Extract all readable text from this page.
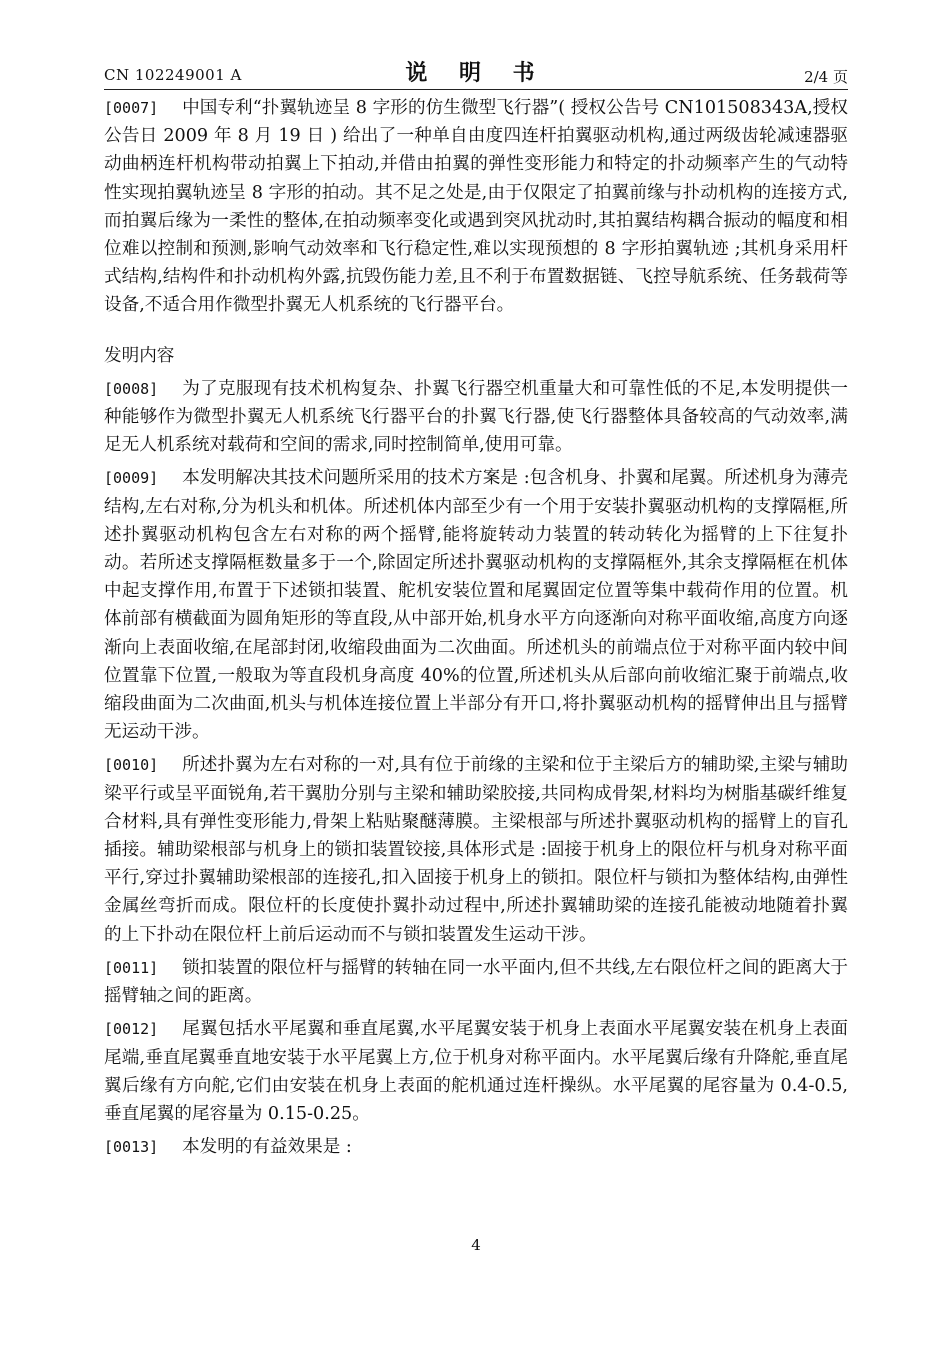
CN 102249001 A	说 明 书	2/4 页

[0007] 中国专利“扑翼轨迹呈 8 字形的仿生微型飞行器”( 授权公告号 CN101508343A,授权公告日 2009 年 8 月 19 日 ) 给出了一种单自由度四连杆拍翼驱动机构,通过两级齿轮减速器驱动曲柄连杆机构带动拍翼上下拍动,并借由拍翼的弹性变形能力和特定的扑动频率产生的气动特性实现拍翼轨迹呈 8 字形的拍动。其不足之处是,由于仅限定了拍翼前缘与扑动机构的连接方式,而拍翼后缘为一柔性的整体,在拍动频率变化或遇到突风扰动时,其拍翼结构耦合振动的幅度和相位难以控制和预测,影响气动效率和飞行稳定性,难以实现预想的 8 字形拍翼轨迹 ;其机身采用杆式结构,结构件和扑动机构外露,抗毁伤能力差,且不利于布置数据链、飞控导航系统、任务载荷等设备,不适合用作微型扑翼无人机系统的飞行器平台。

发明内容

[0008] 为了克服现有技术机构复杂、扑翼飞行器空机重量大和可靠性低的不足,本发明提供一种能够作为微型扑翼无人机系统飞行器平台的扑翼飞行器,使飞行器整体具备较高的气动效率,满足无人机系统对载荷和空间的需求,同时控制简单,使用可靠。

[0009] 本发明解决其技术问题所采用的技术方案是 :包含机身、扑翼和尾翼。所述机身为薄壳结构,左右对称,分为机头和机体。所述机体内部至少有一个用于安装扑翼驱动机构的支撑隔框,所述扑翼驱动机构包含左右对称的两个摇臂,能将旋转动力装置的转动转化为摇臂的上下往复扑动。若所述支撑隔框数量多于一个,除固定所述扑翼驱动机构的支撑隔框外,其余支撑隔框在机体中起支撑作用,布置于下述锁扣装置、舵机安装位置和尾翼固定位置等集中载荷作用的位置。机体前部有横截面为圆角矩形的等直段,从中部开始,机身水平方向逐渐向对称平面收缩,高度方向逐渐向上表面收缩,在尾部封闭,收缩段曲面为二次曲面。所述机头的前端点位于对称平面内较中间位置靠下位置,一般取为等直段机身高度 40%的位置,所述机头从后部向前收缩汇聚于前端点,收缩段曲面为二次曲面,机头与机体连接位置上半部分有开口,将扑翼驱动机构的摇臂伸出且与摇臂无运动干涉。

[0010] 所述扑翼为左右对称的一对,具有位于前缘的主梁和位于主梁后方的辅助梁,主梁与辅助梁平行或呈平面锐角,若干翼肋分别与主梁和辅助梁胶接,共同构成骨架,材料均为树脂基碳纤维复合材料,具有弹性变形能力,骨架上粘贴聚醚薄膜。主梁根部与所述扑翼驱动机构的摇臂上的盲孔插接。辅助梁根部与机身上的锁扣装置铰接,具体形式是 :固接于机身上的限位杆与机身对称平面平行,穿过扑翼辅助梁根部的连接孔,扣入固接于机身上的锁扣。限位杆与锁扣为整体结构,由弹性金属丝弯折而成。限位杆的长度使扑翼扑动过程中,所述扑翼辅助梁的连接孔能被动地随着扑翼的上下扑动在限位杆上前后运动而不与锁扣装置发生运动干涉。

[0011] 锁扣装置的限位杆与摇臂的转轴在同一水平面内,但不共线,左右限位杆之间的距离大于摇臂轴之间的距离。

[0012] 尾翼包括水平尾翼和垂直尾翼,水平尾翼安装于机身上表面水平尾翼安装在机身上表面尾端,垂直尾翼垂直地安装于水平尾翼上方,位于机身对称平面内。水平尾翼后缘有升降舵,垂直尾翼后缘有方向舵,它们由安装在机身上表面的舵机通过连杆操纵。水平尾翼的尾容量为 0.4-0.5,垂直尾翼的尾容量为 0.15-0.25。

[0013] 本发明的有益效果是 :

4
